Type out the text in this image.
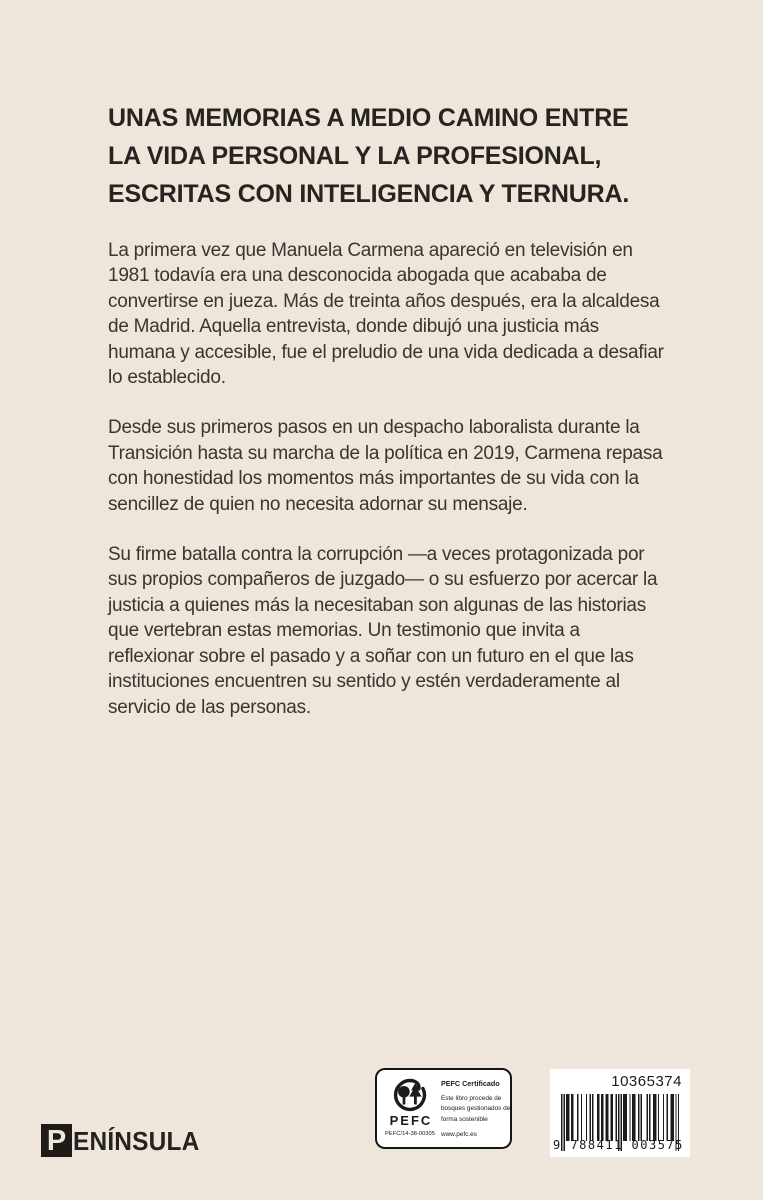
UNAS MEMORIAS A MEDIO CAMINO ENTRE
LA VIDA PERSONAL Y LA PROFESIONAL,
ESCRITAS CON INTELIGENCIA Y TERNURA.

La primera vez que Manuela Carmena apareció en televisión en 1981 todavía era una desconocida abogada que acababa de convertirse en jueza. Más de treinta años después, era la alcaldesa de Madrid. Aquella entrevista, donde dibujó una justicia más humana y accesible, fue el preludio de una vida dedicada a desafiar lo establecido.

Desde sus primeros pasos en un despacho laboralista durante la Transición hasta su marcha de la política en 2019, Carmena repasa con honestidad los momentos más importantes de su vida con la sencillez de quien no necesita adornar su mensaje.

Su firme batalla contra la corrupción —a veces protagonizada por sus propios compañeros de juzgado— o su esfuerzo por acercar la justicia a quienes más la necesitaban son algunas de las historias que vertebran estas memorias. Un testimonio que invita a reflexionar sobre el pasado y a soñar con un futuro en el que las instituciones encuentren su sentido y estén verdaderamente al servicio de las personas.

P ENÍNSULA
PEFC
PEFC/14-38-00305
PEFC Certificado
Este libro procede de bosques gestionados de forma sostenible
www.pefc.es
10365374
9 788411 003575
